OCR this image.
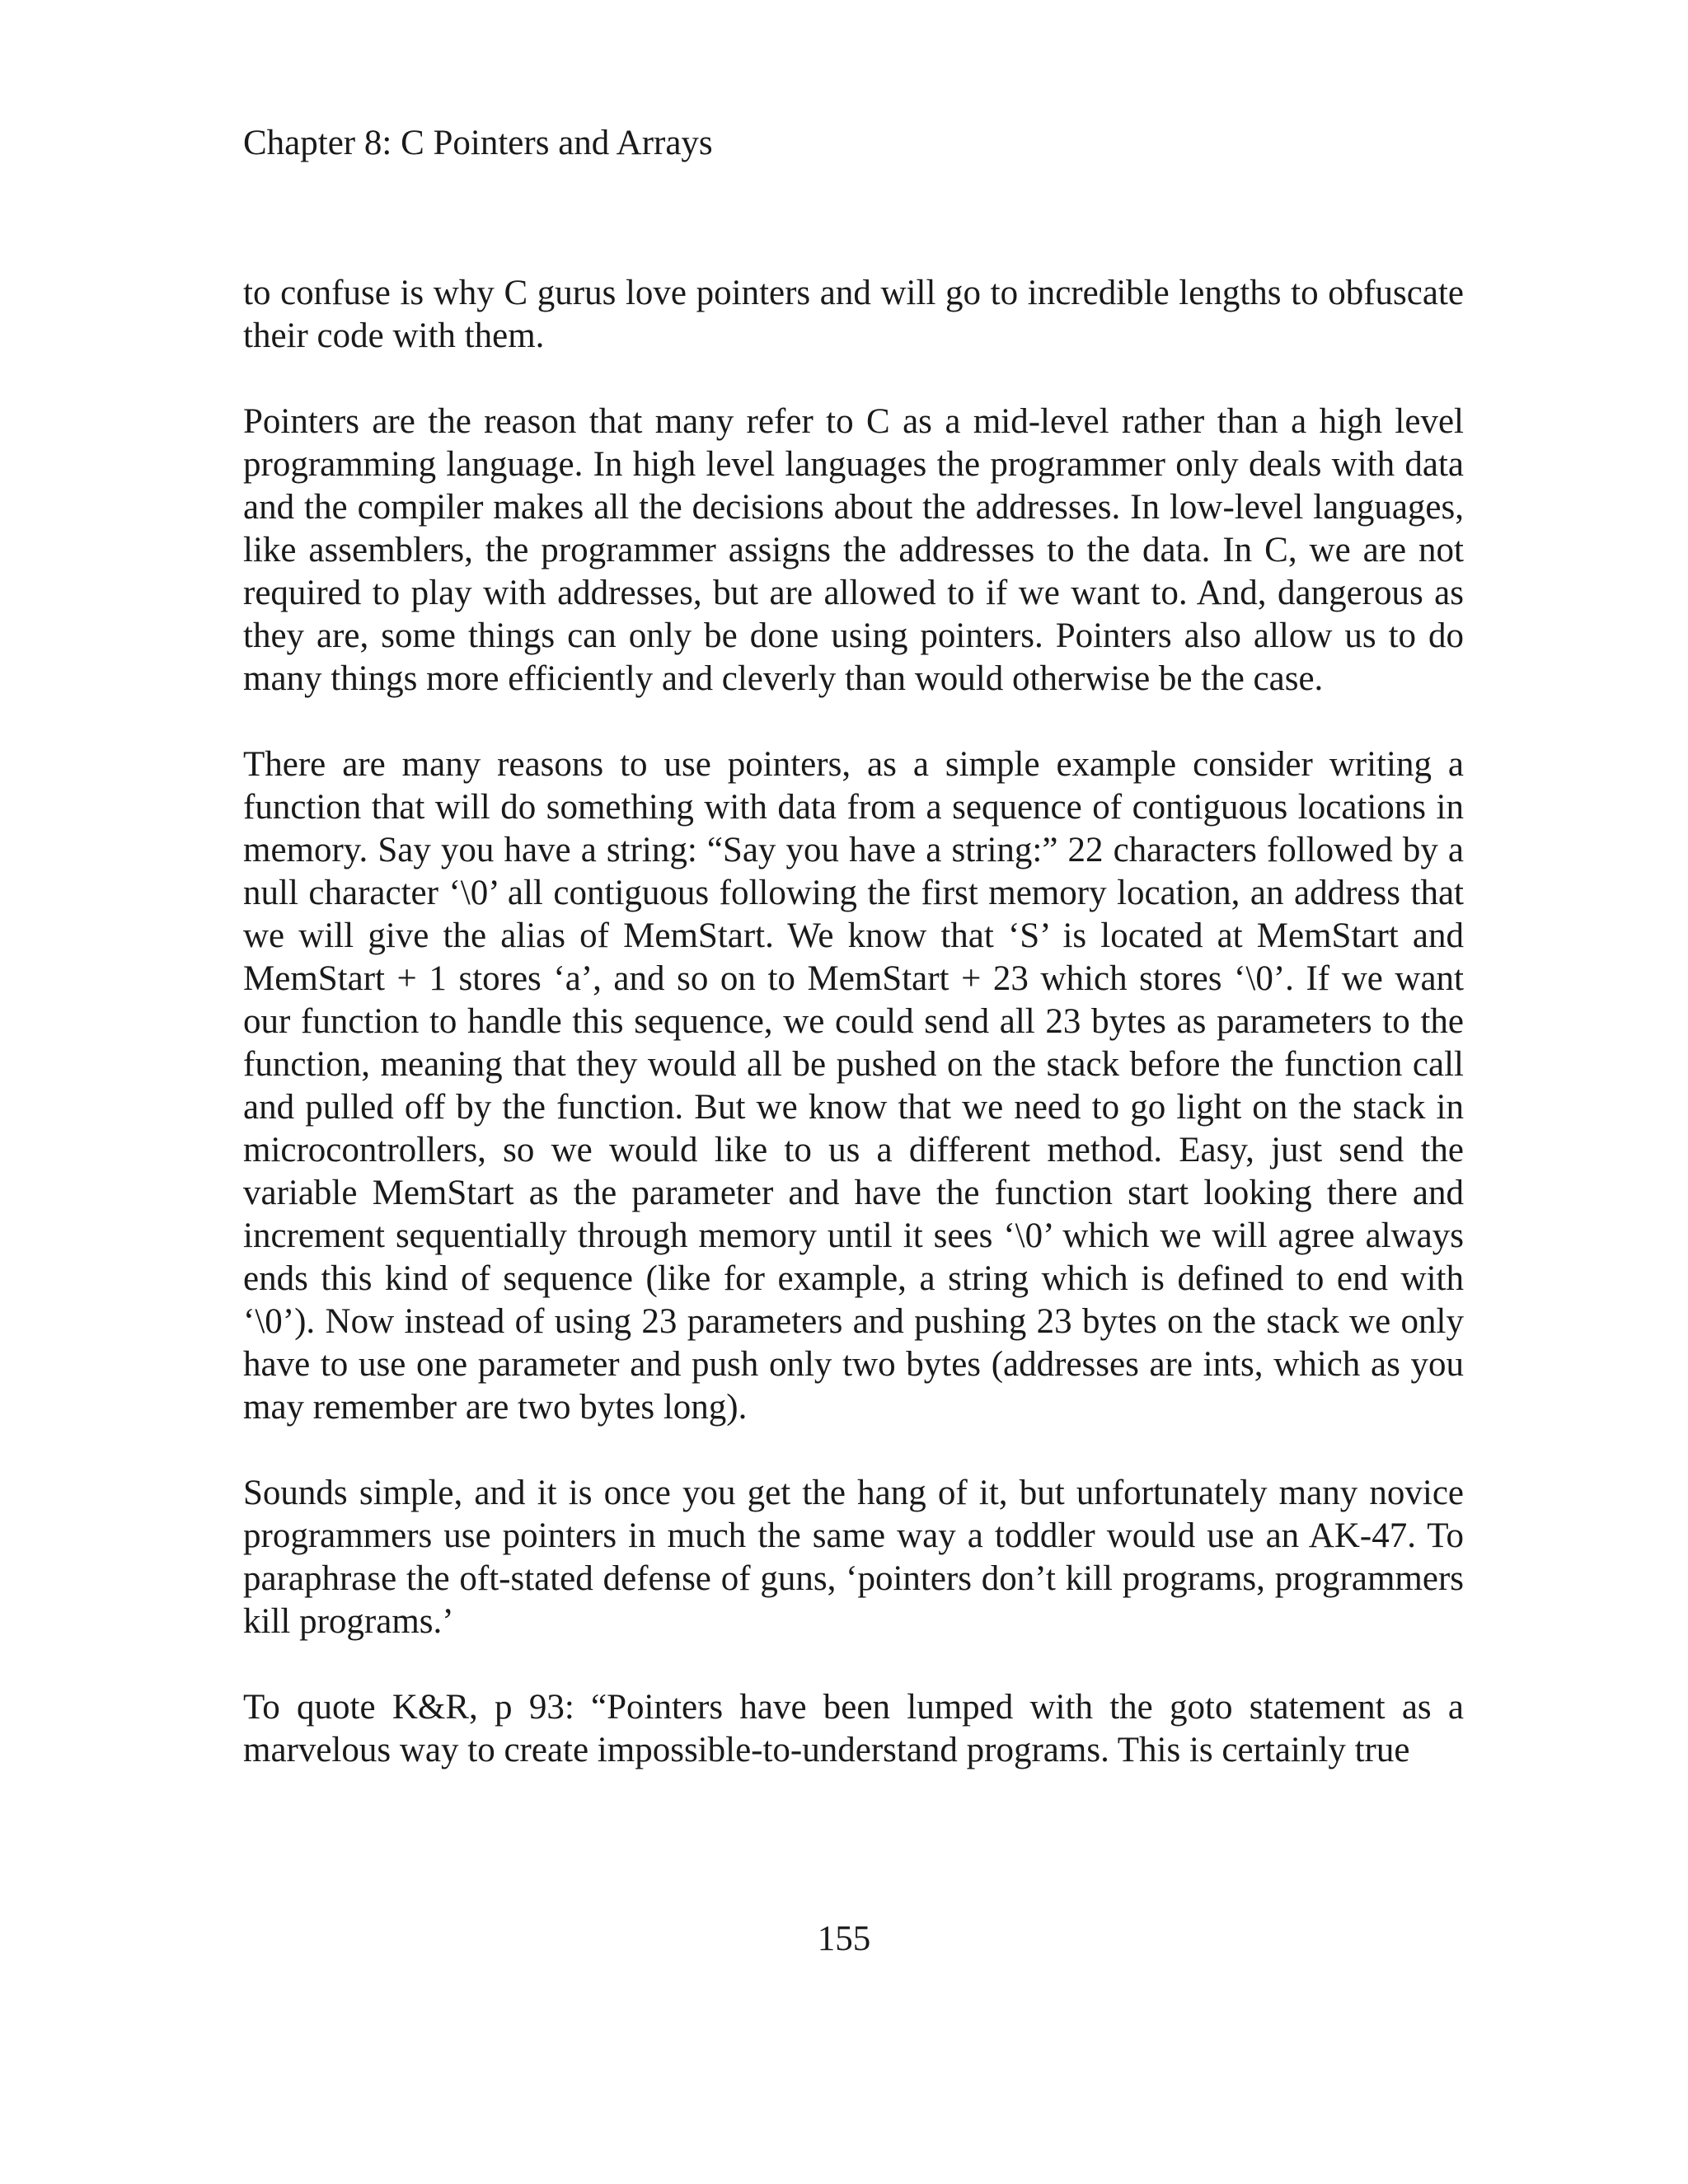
Chapter 8: C Pointers and Arrays

to confuse is why C gurus love pointers and will go to incredible lengths to obfuscate their code with them.

Pointers are the reason that many refer to C as a mid-level rather than a high level programming language. In high level languages the programmer only deals with data and the compiler makes all the decisions about the addresses. In low-level languages, like assemblers, the programmer assigns the addresses to the data. In C, we are not required to play with addresses, but are allowed to if we want to. And, dangerous as they are, some things can only be done using pointers. Pointers also allow us to do many things more efficiently and cleverly than would otherwise be the case.

There are many reasons to use pointers, as a simple example consider writing a function that will do something with data from a sequence of contiguous locations in memory. Say you have a string: “Say you have a string:” 22 characters followed by a null character ‘\0’ all contiguous following the first memory location, an address that we will give the alias of MemStart. We know that ‘S’ is located at MemStart and MemStart + 1 stores ‘a’, and so on to MemStart + 23 which stores ‘\0’. If we want our function to handle this sequence, we could send all 23 bytes as parameters to the function, meaning that they would all be pushed on the stack before the function call and pulled off by the function. But we know that we need to go light on the stack in microcontrollers, so we would like to us a different method. Easy, just send the variable MemStart as the parameter and have the function start looking there and increment sequentially through memory until it sees ‘\0’ which we will agree always ends this kind of sequence (like for example, a string which is defined to end with ‘\0’). Now instead of using 23 parameters and pushing 23 bytes on the stack we only have to use one parameter and push only two bytes (addresses are ints, which as you may remember are two bytes long).

Sounds simple, and it is once you get the hang of it, but unfortunately many novice programmers use pointers in much the same way a toddler would use an AK-47. To paraphrase the oft-stated defense of guns, ‘pointers don’t kill programs, programmers kill programs.’

To quote K&R, p 93: “Pointers have been lumped with the goto statement as a marvelous way to create impossible-to-understand programs. This is certainly true

155
